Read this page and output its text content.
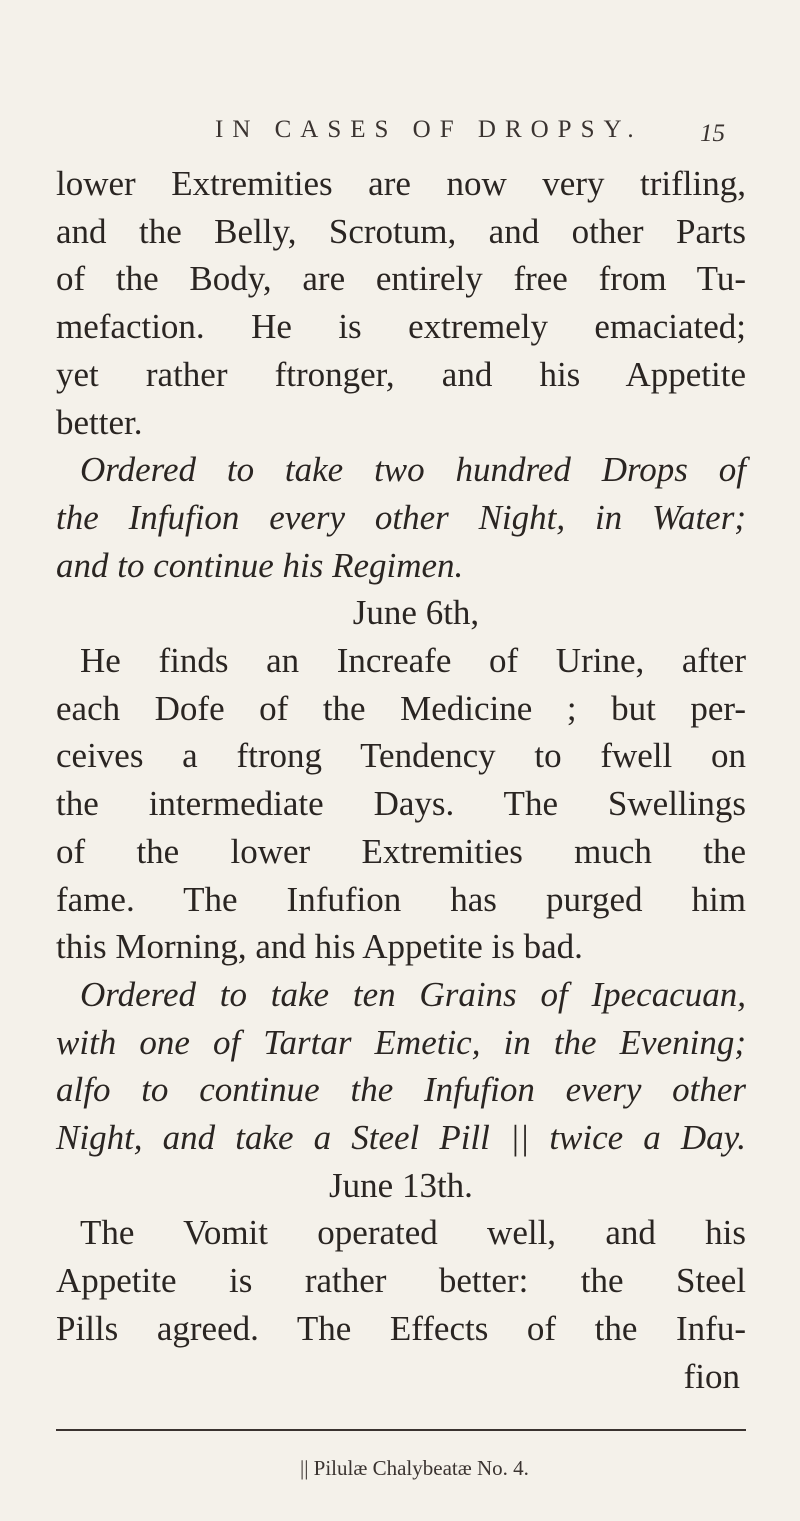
IN CASES OF DROPSY. 15
lower Extremities are now very trifling,
and the Belly, Scrotum, and other Parts
of the Body, are entirely free from Tu-
mefaction. He is extremely emaciated;
yet rather ftronger, and his Appetite
better.
Ordered to take two hundred Drops of
the Infufion every other Night, in Water;
and to continue his Regimen.
June 6th,
He finds an Increafe of Urine, after
each Dofe of the Medicine ; but per-
ceives a ftrong Tendency to fwell on
the intermediate Days. The Swellings
of the lower Extremities much the
fame. The Infufion has purged him
this Morning, and his Appetite is bad.
Ordered to take ten Grains of Ipecacuan,
with one of Tartar Emetic, in the Evening;
alfo to continue the Infufion every other
Night, and take a Steel Pill || twice a Day.
June 13th.
The Vomit operated well, and his
Appetite is rather better: the Steel
Pills agreed. The Effects of the Infu-
fion
|| Pilulæ Chalybeatæ No. 4.
